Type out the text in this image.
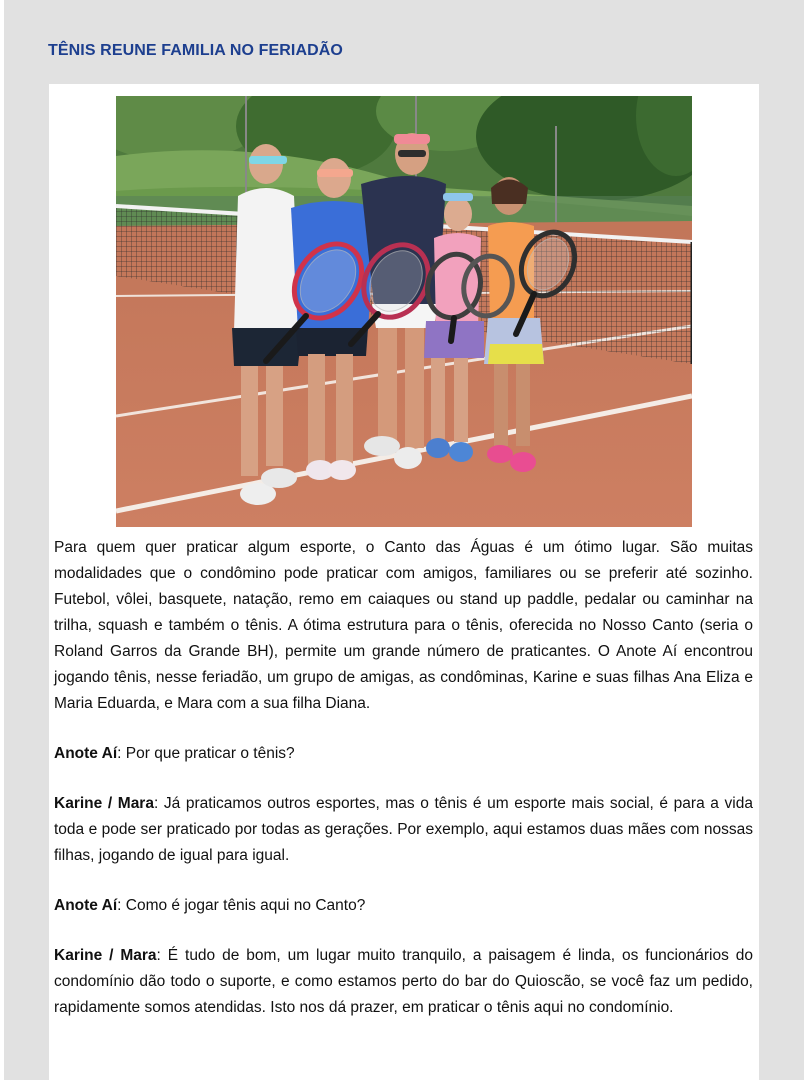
TÊNIS REUNE FAMILIA NO FERIADÃO

Para quem quer praticar algum esporte, o Canto das Águas é um ótimo lugar. São muitas modalidades que o condômino pode praticar com amigos, familiares ou se preferir até sozinho. Futebol, vôlei, basquete, natação, remo em caiaques ou stand up paddle, pedalar ou caminhar na trilha, squash e também o tênis. A ótima estrutura para o tênis, oferecida no Nosso Canto (seria o Roland Garros da Grande BH), permite um grande número de praticantes. O Anote Aí encontrou jogando tênis, nesse feriadão, um grupo de amigas, as condôminas, Karine e suas filhas Ana Eliza e Maria Eduarda, e Mara com a sua filha Diana.

Anote Aí: Por que praticar o tênis?

Karine / Mara: Já praticamos outros esportes, mas o tênis é um esporte mais social, é para a vida toda e pode ser praticado por todas as gerações. Por exemplo, aqui estamos duas mães com nossas filhas, jogando de igual para igual.

Anote Aí: Como é jogar tênis aqui no Canto?

Karine / Mara: É tudo de bom, um lugar muito tranquilo, a paisagem é linda, os funcionários do condomínio dão todo o suporte, e como estamos perto do bar do Quioscão, se você faz um pedido, rapidamente somos atendidas. Isto nos dá prazer, em praticar o tênis aqui no condomínio.
